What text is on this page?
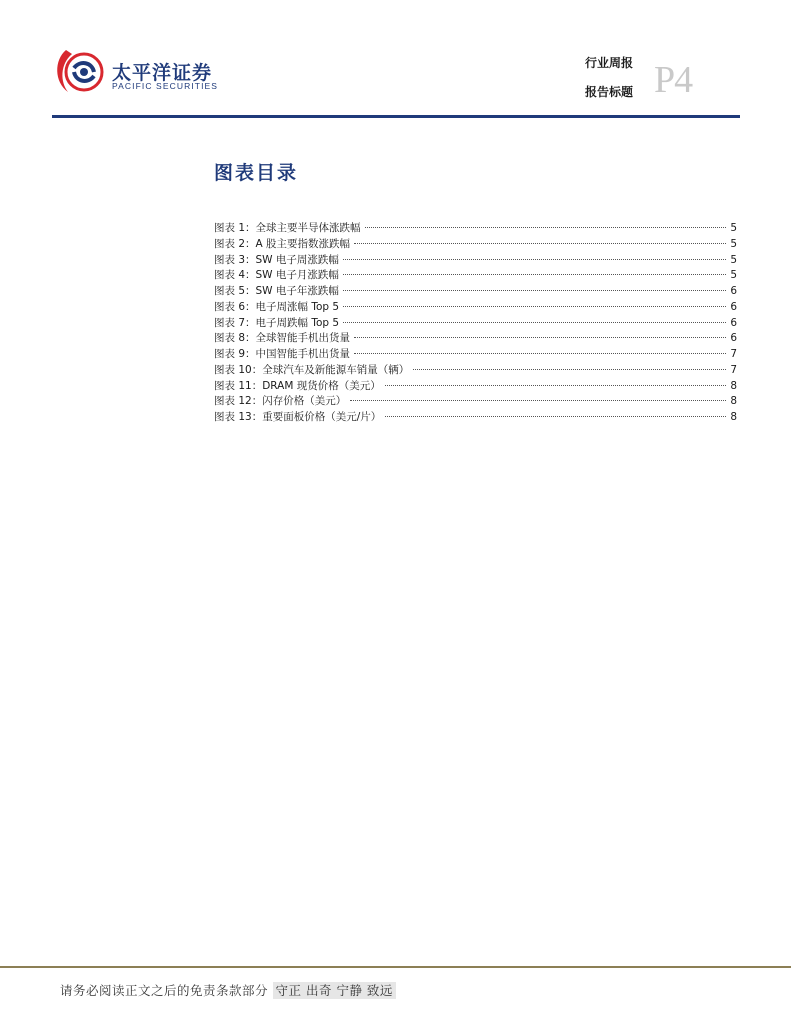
太平洋证券
PACIFIC SECURITIES
行业周报
报告标题 P4
图表目录
图表 1：全球主要半导体涨跌幅	5
图表 2：A 股主要指数涨跌幅	5
图表 3：SW 电子周涨跌幅	5
图表 4：SW 电子月涨跌幅	5
图表 5：SW 电子年涨跌幅	6
图表 6：电子周涨幅 Top 5	6
图表 7：电子周跌幅 Top 5	6
图表 8：全球智能手机出货量	6
图表 9：中国智能手机出货量	7
图表 10：全球汽车及新能源车销量（辆）	7
图表 11：DRAM 现货价格（美元）	8
图表 12：闪存价格（美元）	8
图表 13：重要面板价格（美元/片）	8
请务必阅读正文之后的免责条款部分 守正 出奇 宁静 致远
